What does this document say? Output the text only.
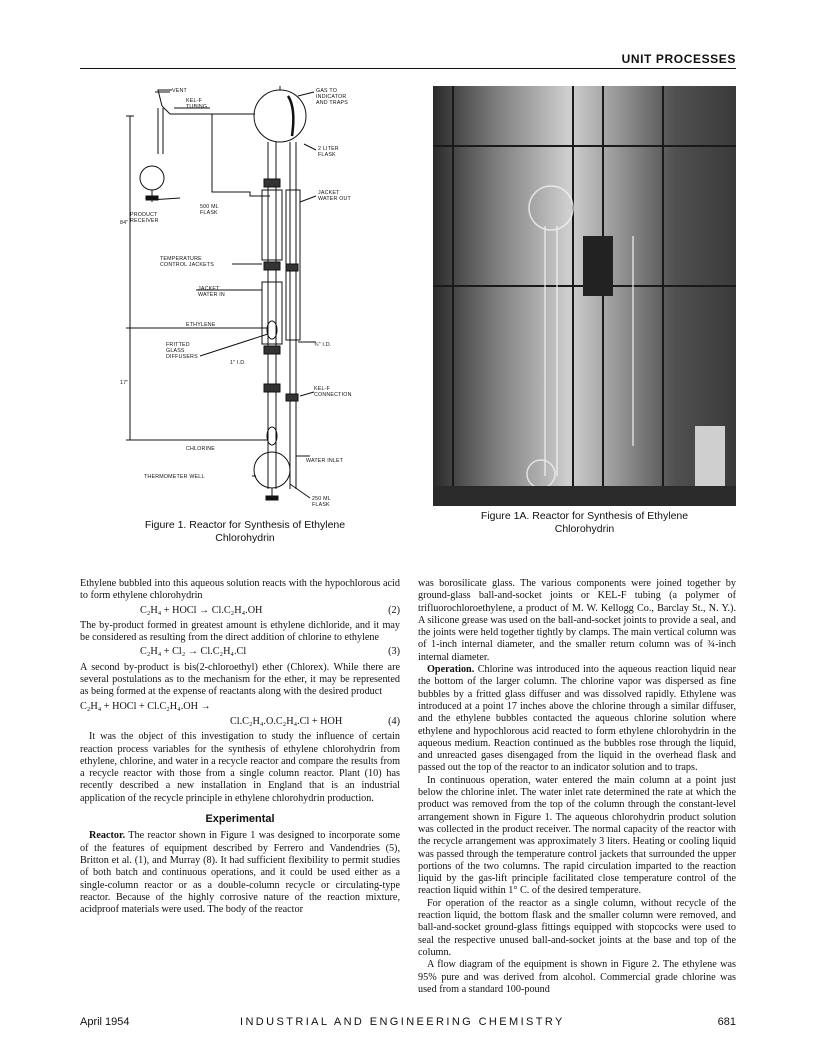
UNIT PROCESSES
VENT
KEL-F
TUBING
GAS TO
INDICATOR
AND TRAPS
2 LITER
FLASK
JACKET
WATER OUT
500 ML
FLASK
PRODUCT
RECEIVER
84"
TEMPERATURE
CONTROL JACKETS
JACKET
WATER IN
ETHYLENE
FRITTED
GLASS
DIFFUSERS
1" I.D.
¾" I.D.
17"
KEL-F
CONNECTION
CHLORINE
WATER INLET
THERMOMETER WELL
250 ML
FLASK
Figure 1. Reactor for Synthesis of Ethylene
Chlorohydrin
Figure 1A. Reactor for Synthesis of Ethylene
Chlorohydrin

Ethylene bubbled into this aqueous solution reacts with the hypochlorous acid to form ethylene chlorohydrin

C₂H₄ + HOCl → Cl.C₂H₄.OH	(2)

The by-product formed in greatest amount is ethylene dichloride, and it may be considered as resulting from the direct addition of chlorine to ethylene

C₂H₄ + Cl₂ → Cl.C₂H₄.Cl	(3)

A second by-product is bis(2-chloroethyl) ether (Chlorex). While there are several postulations as to the mechanism for the ether, it may be represented as being formed at the expense of reactants along with the desired product

C₂H₄ + HOCl + Cl.C₂H₄.OH →
Cl.C₂H₄.O.C₂H₄.Cl + HOH	(4)

It was the object of this investigation to study the influence of certain reaction process variables for the synthesis of ethylene chlorohydrin from ethylene, chlorine, and water in a recycle reactor and compare the results from a recycle reactor with those from a single column reactor. Plant (10) has recently described a new installation in England that is an industrial application of the recycle principle in ethylene chlorohydrin production.

Experimental

Reactor. The reactor shown in Figure 1 was designed to incorporate some of the features of equipment described by Ferrero and Vandendries (5), Britton et al. (1), and Murray (8). It had sufficient flexibility to permit studies of both batch and continuous operations, and it could be used either as a single-column reactor or as a double-column recycle or circulating-type reactor. Because of the highly corrosive nature of the reaction mixture, acidproof materials were used. The body of the reactor

was borosilicate glass. The various components were joined together by ground-glass ball-and-socket joints or KEL-F tubing (a polymer of trifluorochloroethylene, a product of M. W. Kellogg Co., Barclay St., N. Y.). A silicone grease was used on the ball-and-socket joints to provide a seal, and the joints were held together tightly by clamps. The main vertical column was of 1-inch internal diameter, and the smaller return column was of ¾-inch internal diameter.

Operation. Chlorine was introduced into the aqueous reaction liquid near the bottom of the larger column. The chlorine vapor was dispersed as fine bubbles by a fritted glass diffuser and was dissolved rapidly. Ethylene was introduced at a point 17 inches above the chlorine through a similar diffuser, and the ethylene bubbles contacted the aqueous chlorine solution where ethylene and hypochlorous acid reacted to form ethylene chlorohydrin in the aqueous medium. Reaction continued as the bubbles rose through the liquid, and unreacted gases disengaged from the liquid in the overhead flask and passed out the top of the reactor to an indicator solution and to traps.

In continuous operation, water entered the main column at a point just below the chlorine inlet. The water inlet rate determined the rate at which the product was removed from the top of the column through the constant-level arrangement shown in Figure 1. The aqueous chlorohydrin product solution was collected in the product receiver. The normal capacity of the reactor with the recycle arrangement was approximately 3 liters. Heating or cooling liquid was passed through the temperature control jackets that surrounded the upper portions of the two columns. The rapid circulation imparted to the reaction liquid by the gas-lift principle facilitated close temperature control of the reaction liquid within 1° C. of the desired temperature.

For operation of the reactor as a single column, without recycle of the reaction liquid, the bottom flask and the smaller column were removed, and ball-and-socket ground-glass fittings equipped with stopcocks were used to seal the respective unused ball-and-socket joints at the base and top of the column.

A flow diagram of the equipment is shown in Figure 2. The ethylene was 95% pure and was derived from alcohol. Commercial grade chlorine was used from a standard 100-pound

April 1954	INDUSTRIAL AND ENGINEERING CHEMISTRY	681
